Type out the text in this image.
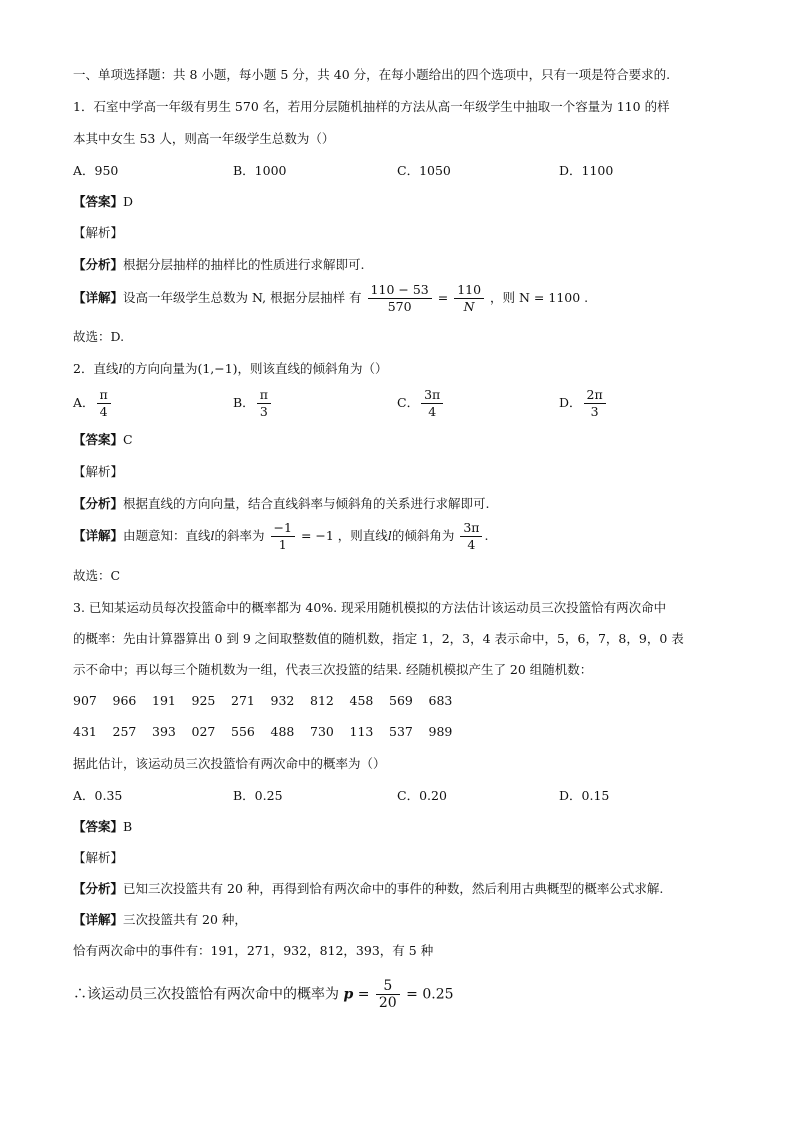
一、单项选择题：共 8 小题，每小题 5 分，共 40 分，在每小题给出的四个选项中，只有一项是符合要求的.
1．石室中学高一年级有男生 570 名，若用分层随机抽样的方法从高一年级学生中抽取一个容量为 110 的样
本其中女生 53 人，则高一年级学生总数为（）
A．950	B．1000	C．1050	D．1100
【答案】D
【解析】
【分析】根据分层抽样的抽样比的性质进行求解即可.
【详解】设高一年级学生总数为 N, 根据分层抽样 有 $\frac{110 - 53}{570} = \frac{110}{N}$ ，则 N = 1100 .
故选：D.
2．直线l的方向向量为(1,−1)，则该直线的倾斜角为（）
A． $\frac{\pi}{4}$	B． $\frac{\pi}{3}$	C． $\frac{3\pi}{4}$	D． $\frac{2\pi}{3}$
【答案】C
【解析】
【分析】根据直线的方向向量，结合直线斜率与倾斜角的关系进行求解即可.
【详解】由题意知：直线l的斜率为 $\frac{-1}{1} = -1$ ，则直线l的倾斜角为 $\frac{3\pi}{4}$ .
故选：C
3. 已知某运动员每次投篮命中的概率都为 40%. 现采用随机模拟的方法估计该运动员三次投篮恰有两次命中
的概率：先由计算器算出 0 到 9 之间取整数值的随机数，指定 1，2，3，4 表示命中，5，6，7，8，9，0 表
示不命中；再以每三个随机数为一组，代表三次投篮的结果. 经随机模拟产生了 20 组随机数：
907 966 191 925 271 932 812 458 569 683
431 257 393 027 556 488 730 113 537 989
据此估计，该运动员三次投篮恰有两次命中的概率为（）
A．0.35	B．0.25	C．0.20	D．0.15
【答案】B
【解析】
【分析】已知三次投篮共有 20 种，再得到恰有两次命中的事件的种数，然后利用古典概型的概率公式求解.
【详解】三次投篮共有 20 种，
恰有两次命中的事件有：191，271，932，812，393，有 5 种
∴该运动员三次投篮恰有两次命中的概率为 $p = \frac{5}{20} = 0.25$
